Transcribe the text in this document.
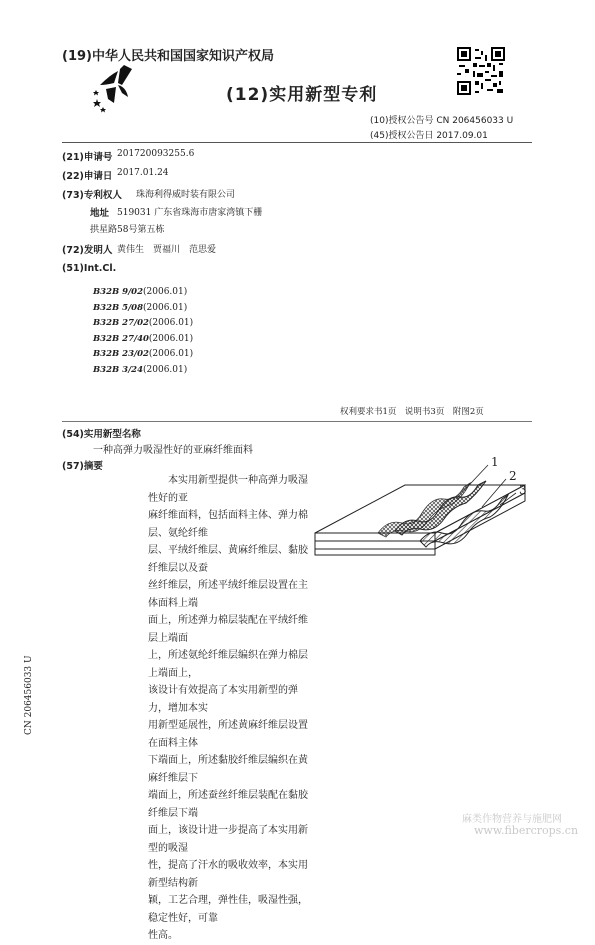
(19)中华人民共和国国家知识产权局
(12)实用新型专利
(10)授权公告号 CN 206456033 U
(45)授权公告日 2017.09.01
(21)申请号 201720093255.6
(22)申请日 2017.01.24
(73)专利权人 珠海利得威时装有限公司
地址 519031 广东省珠海市唐家湾镇下栅
拱星路58号第五栋
(72)发明人 黄伟生　贾福川　范思爱
(51)Int.Cl.
B32B 9/02(2006.01)
B32B 5/08(2006.01)
B32B 27/02(2006.01)
B32B 27/40(2006.01)
B32B 23/02(2006.01)
B32B 3/24(2006.01)
权利要求书1页　说明书3页　附图2页
(54)实用新型名称
一种高弹力吸湿性好的亚麻纤维面料
(57)摘要
　　本实用新型提供一种高弹力吸湿性好的亚
麻纤维面料，包括面料主体、弹力棉层、氨纶纤维
层、平绒纤维层、黄麻纤维层、黏胶纤维层以及蚕
丝纤维层，所述平绒纤维层设置在主体面料上端
面上，所述弹力棉层装配在平绒纤维层上端面
上，所述氨纶纤维层编织在弹力棉层上端面上，
该设计有效提高了本实用新型的弹力，增加本实
用新型延展性，所述黄麻纤维层设置在面料主体
下端面上，所述黏胶纤维层编织在黄麻纤维层下
端面上，所述蚕丝纤维层装配在黏胶纤维层下端
面上，该设计进一步提高了本实用新型的吸湿
性，提高了汗水的吸收效率，本实用新型结构新
颖，工艺合理，弹性佳，吸湿性强，稳定性好，可靠
性高。
1
2
3
CN 206456033 U
麻类作物营养与施肥网
www.fibercrops.cn
